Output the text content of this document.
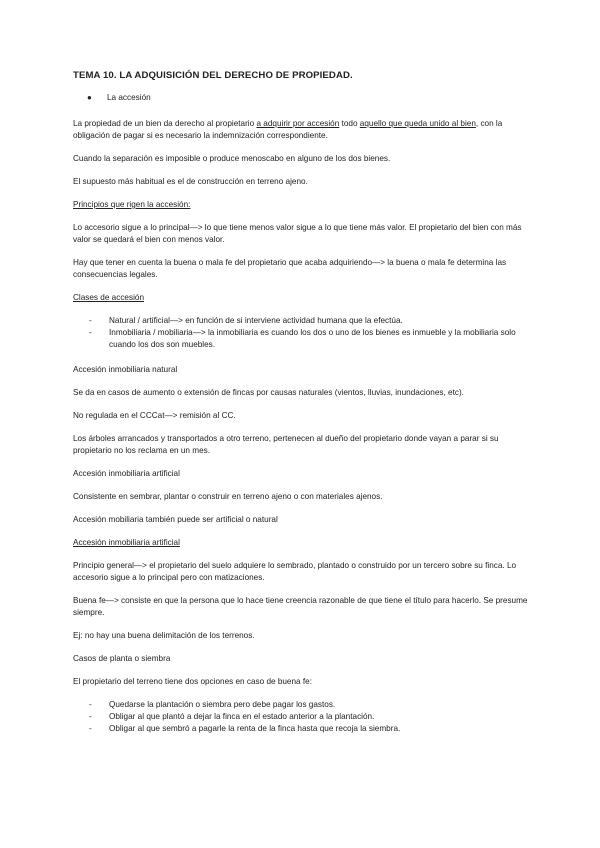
TEMA 10. LA ADQUISICIÓN DEL DERECHO DE PROPIEDAD.
●	La accesión

La propiedad de un bien da derecho al propietario a adquirir por accesión todo aquello que queda unido al bien, con la obligación de pagar si es necesario la indemnización correspondiente.

Cuando la separación es imposible o produce menoscabo en alguno de los dos bienes.

El supuesto más habitual es el de construcción en terreno ajeno.

Principios que rigen la accesión:

Lo accesorio sigue a lo principal—> lo que tiene menos valor sigue a lo que tiene más valor. El propietario del bien con más valor se quedará el bien con menos valor.

Hay que tener en cuenta la buena o mala fe del propietario que acaba adquiriendo—> la buena o mala fe determina las consecuencias legales.

Clases de accesión
-	Natural / artificial—> en función de si interviene actividad humana que la efectúa.
-	Inmobiliaria / mobiliaria—> la inmobiliaria es cuando los dos o uno de los bienes es inmueble y la mobiliaria solo cuando los dos son muebles.
Accesión inmobiliaria natural

Se da en casos de aumento o extensión de fincas por causas naturales (vientos, lluvias, inundaciones, etc).

No regulada en el CCCat—> remisión al CC.

Los árboles arrancados y transportados a otro terreno, pertenecen al dueño del propietario donde vayan a parar si su propietario no los reclama en un mes.

Accesión inmobiliaria artificial

Consistente en sembrar, plantar o construir en terreno ajeno o con materiales ajenos.

Accesión mobiliaria también puede ser artificial o natural

Accesión inmobiliaria artificial

Principio general—> el propietario del suelo adquiere lo sembrado, plantado o construido por un tercero sobre su finca. Lo accesorio sigue a lo principal pero con matizaciones.

Buena fe—> consiste en que la persona que lo hace tiene creencia razonable de que tiene el título para hacerlo. Se presume siempre.

Ej: no hay una buena delimitación de los terrenos.

Casos de planta o siembra

El propietario del terreno tiene dos opciones en caso de buena fe:

-	Quedarse la plantación o siembra pero debe pagar los gastos.
-	Obligar al que plantó a dejar la finca en el estado anterior a la plantación.
-	Obligar al que sembró a pagarle la renta de la finca hasta que recoja la siembra.
